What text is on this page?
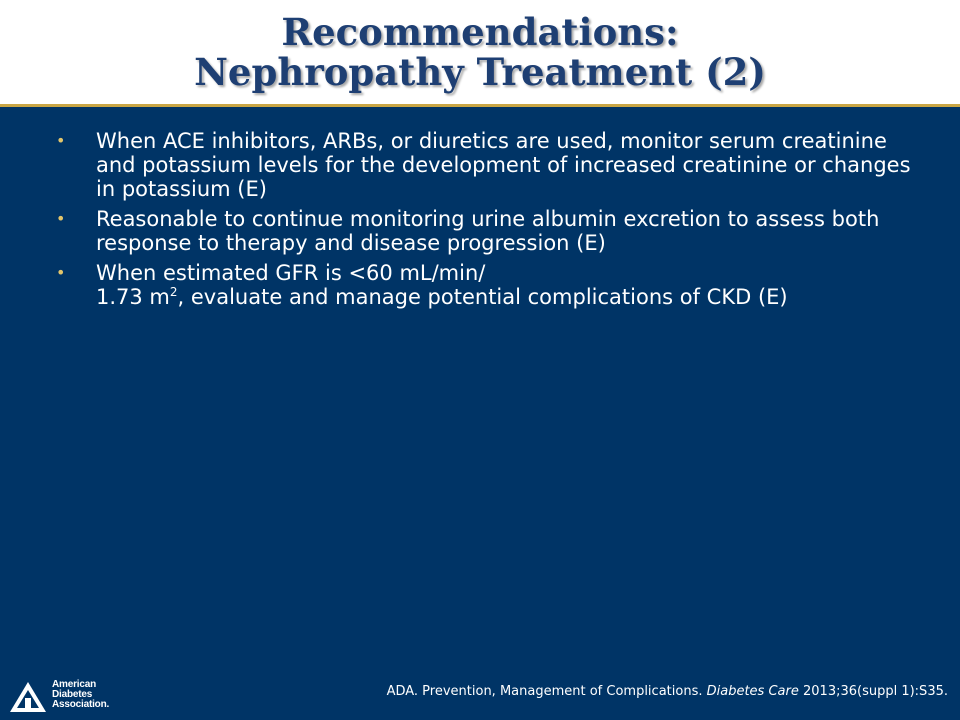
Recommendations:
Nephropathy Treatment (2)
• When ACE inhibitors, ARBs, or diuretics are used, monitor serum creatinine and potassium levels for the development of increased creatinine or changes in potassium (E)
• Reasonable to continue monitoring urine albumin excretion to assess both response to therapy and disease progression (E)
• When estimated GFR is <60 mL/min/
1.73 $m^2$, evaluate and manage potential complications of CKD (E)
American
Diabetes
Association.
ADA. Prevention, Management of Complications. Diabetes Care 2013;36(suppl 1):S35.
